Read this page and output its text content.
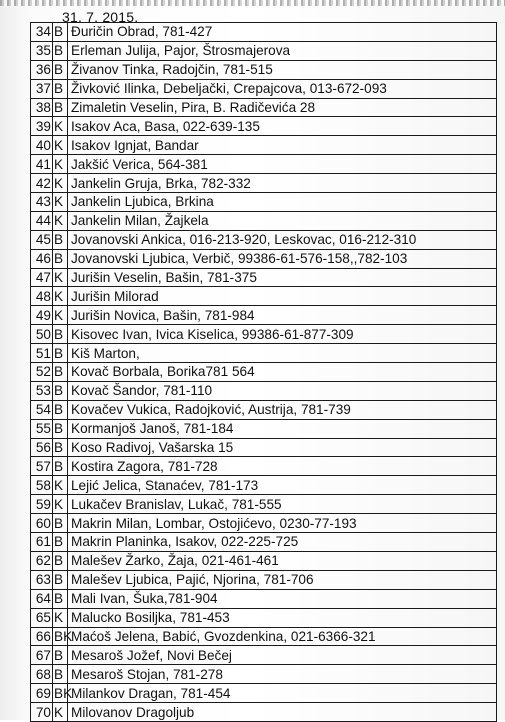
31. 7. 2015.
34	B	Đuričin Obrad, 781-427
35	B	Erleman Julija, Pajor, Štrosmajerova
36	B	Živanov Tinka, Radojčin, 781-515
37	B	Živković Ilinka, Debeljački, Crepajcova, 013-672-093
38	B	Zimaletin Veselin, Pira, B. Radičevića 28
39	K	Isakov Aca, Basa, 022-639-135
40	K	Isakov Ignjat, Bandar
41	K	Jakšić Verica, 564-381
42	K	Jankelin Gruja, Brka, 782-332
43	K	Jankelin Ljubica, Brkina
44	K	Jankelin Milan, Žajkela
45	B	Jovanovski Ankica, 016-213-920, Leskovac, 016-212-310
46	B	Jovanovski Ljubica, Verbič, 99386-61-576-158,,782-103
47	K	Jurišin Veselin, Bašin, 781-375
48	K	Jurišin Milorad
49	K	Jurišin Novica, Bašin, 781-984
50	B	Kisovec Ivan, Ivica Kiselica, 99386-61-877-309
51	B	Kiš Marton,
52	B	Kovač Borbala, Borika781 564
53	B	Kovač Šandor, 781-110
54	B	Kovačev Vukica, Radojković, Austrija, 781-739
55	B	Kormanjoš Janoš, 781-184
56	B	Koso Radivoj, Vašarska 15
57	B	Kostira Zagora, 781-728
58	K	Lejić Jelica, Stanaćev, 781-173
59	K	Lukačev Branislav, Lukač, 781-555
60	B	Makrin Milan, Lombar, Ostojićevo, 0230-77-193
61	B	Makrin Planinka, Isakov, 022-225-725
62	B	Malešev Žarko, Žaja, 021-461-461
63	B	Malešev Ljubica, Pajić, Njorina, 781-706
64	B	Mali Ivan, Šuka,781-904
65	K	Malucko Bosiljka, 781-453
66	BK	Maćoš Jelena, Babić, Gvozdenkina, 021-6366-321
67	B	Mesaroš Jožef, Novi Bečej
68	B	Mesaroš Stojan, 781-278
69	BK	Milankov Dragan, 781-454
70	K	Milovanov Dragoljub
